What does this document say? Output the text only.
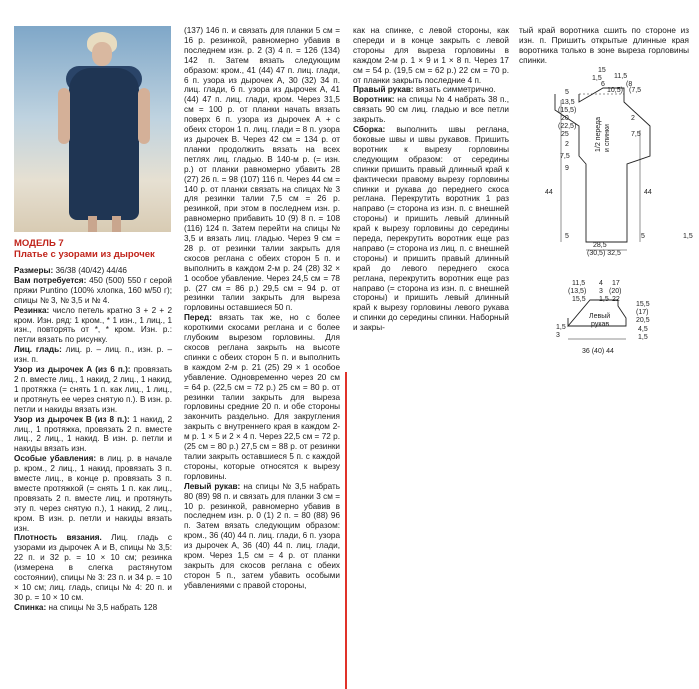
МОДЕЛЬ 7
Платье с узорами из дырочек

Размеры: 36/38 (40/42) 44/46

Вам потребуется: 450 (500) 550 г серой пряжи Puntino (100% хлопка, 160 м/50 г); спицы № 3, № 3,5 и № 4.

Резинка: число петель кратно 3 + 2 + 2 кром. Изн. ряд: 1 кром., * 1 изн., 1 лиц., 1 изн., повторять от *, * кром. Изн. р.: петли вязать по рисунку.

Лиц. гладь: лиц. р. – лиц. п., изн. р. – изн. п.

Узор из дырочек А (из 6 п.): провязать 2 п. вместе лиц., 1 накид, 2 лиц., 1 накид, 1 протяжка (= снять 1 п. как лиц., 1 лиц., и протянуть ее через снятую п.). В изн. р. петли и накиды вязать изн.

Узор из дырочек В (из 8 п.): 1 накид, 2 лиц., 1 протяжка, провязать 2 п. вместе лиц., 2 лиц., 1 накид. В изн. р. петли и накиды вязать изн.

Особые убавления: в лиц. р. в начале р. кром., 2 лиц., 1 накид, провязать 3 п. вместе лиц., в конце р. провязать 3 п. вместе протяжкой (= снять 1 п. как лиц., провязать 2 п. вместе лиц. и протянуть эту п. через снятую п.), 1 накид, 2 лиц., кром. В изн. р. петли и накиды вязать изн.

Плотность вязания. Лиц. гладь с узорами из дырочек А и В, спицы № 3,5: 22 п. и 32 р. = 10 × 10 см; резинка (измерена в слегка растянутом состоянии), спицы № 3: 23 п. и 34 р. = 10 × 10 см; лиц. гладь, спицы № 4: 20 п. и 30 р. = 10 × 10 см.

Спинка: на спицы № 3,5 набрать 128

(137) 146 п. и связать для планки 5 см = 16 р. резинкой, равномерно убавив в последнем изн. р. 2 (3) 4 п. = 126 (134) 142 п. Затем вязать следующим образом: кром., 41 (44) 47 п. лиц. глади, 6 п. узора из дырочек А, 30 (32) 34 п. лиц. глади, 6 п. узора из дырочек А, 41 (44) 47 п. лиц. глади, кром. Через 31,5 см = 100 р. от планки начать вязать поверх 6 п. узора из дырочек А + с обеих сторон 1 п. лиц. глади = 8 п. узора из дырочек В. Через 42 см = 134 р. от планки продолжить вязать на всех петлях лиц. гладью. В 140-м р. (= изн. р.) от планки равномерно убавить 28 (27) 26 п. = 98 (107) 116 п. Через 44 см = 140 р. от планки связать на спицах № 3 для резинки талии 7,5 см = 26 р. резинкой, при этом в последнем изн. р. равномерно прибавить 10 (9) 8 п. = 108 (116) 124 п. Затем перейти на спицы № 3,5 и вязать лиц. гладью. Через 9 см = 28 р. от резинки талии закрыть для скосов реглана с обеих сторон 5 п. и выполнить в каждом 2-м р. 24 (28) 32 × 1 особое убавление. Через 24,5 см = 78 р. (27 см = 86 р.) 29,5 см = 94 р. от резинки талии закрыть для выреза горловины оставшиеся 50 п.

Перед: вязать так же, но с более короткими скосами реглана и с более глубоким вырезом горловины. Для скосов реглана закрыть на высоте спинки с обеих сторон 5 п. и выполнить в каждом 2-м р. 21 (25) 29 × 1 особое убавление. Одновременно через 20 см = 64 р. (22,5 см = 72 р.) 25 см = 80 р. от резинки талии закрыть для выреза горловины средние 20 п. и обе стороны закончить раздельно. Для закругления закрыть с внутреннего края в каждом 2-м р. 1 × 5 и 2 × 4 п. Через 22,5 см = 72 р. (25 см = 80 р.) 27,5 см = 88 р. от резинки талии закрыть оставшиеся 5 п. с каждой стороны, которые относятся к вырезу горловины.

Левый рукав: на спицы № 3,5 набрать 80 (89) 98 п. и связать для планки 3 см = 10 р. резинкой, равномерно убавив в последнем изн. р. 0 (1) 2 п. = 80 (88) 96 п. Затем вязать следующим образом: кром., 36 (40) 44 п. лиц. глади, 6 п. узора из дырочек А, 36 (40) 44 п. лиц. глади, кром. Через 1,5 см = 4 р. от планки закрыть для скосов реглана с обеих сторон 5 п., затем убавить особыми убавлениями с правой стороны,

как на спинке, с левой стороны, как спереди и в конце закрыть с левой стороны для выреза горловины в каждом 2-м р. 1 × 9 и 1 × 8 п. Через 17 см = 54 р. (19,5 см = 62 р.) 22 см = 70 р. от планки закрыть последние 4 п.

Правый рукав: вязать симметрично.

Воротник: на спицы № 4 набрать 38 п., связать 90 см лиц. гладью и все петли закрыть.

Сборка: выполнить швы реглана, боковые швы и швы рукавов. Пришить воротник к вырезу горловины следующим образом: от середины спинки пришить правый длинный край к фактически правому вырезу горловины спинки и рукава до переднего скоса реглана. Перекрутить воротник 1 раз направо (= сторона из изн. п. с внешней стороны) и пришить левый длинный край к вырезу горловины до середины переда, перекрутить воротник еще раз направо (= сторона из лиц. п. с внешней стороны) и пришить правый длинный край до левого переднего скоса реглана, перекрутить воротник еще раз направо (= сторона из изн. п. с внешней стороны) и пришить левый длинный край к вырезу горловины левого рукава и спинки до середины спинки. Наборный и закры-

тый край воротника сшить по стороне из изн. п. Пришить открытые длинные края воротника только в зоне выреза горловины спинки.

1/2 переда и спинки
15
1,5
6
10,5)
11,5
(8
(7,5
5
13,5
(15,5)
20
(22,5)
25
2
7,5
9
44
5
2
7,5
44
5	1,5
28,5
(30,5) 32,5
Левый
рукав
11,5
(13,5)
15,5
4
3
1,5
17
(20)
22
15,5
(17)
20,5
4,5
1,5
1,5
3
36 (40) 44
